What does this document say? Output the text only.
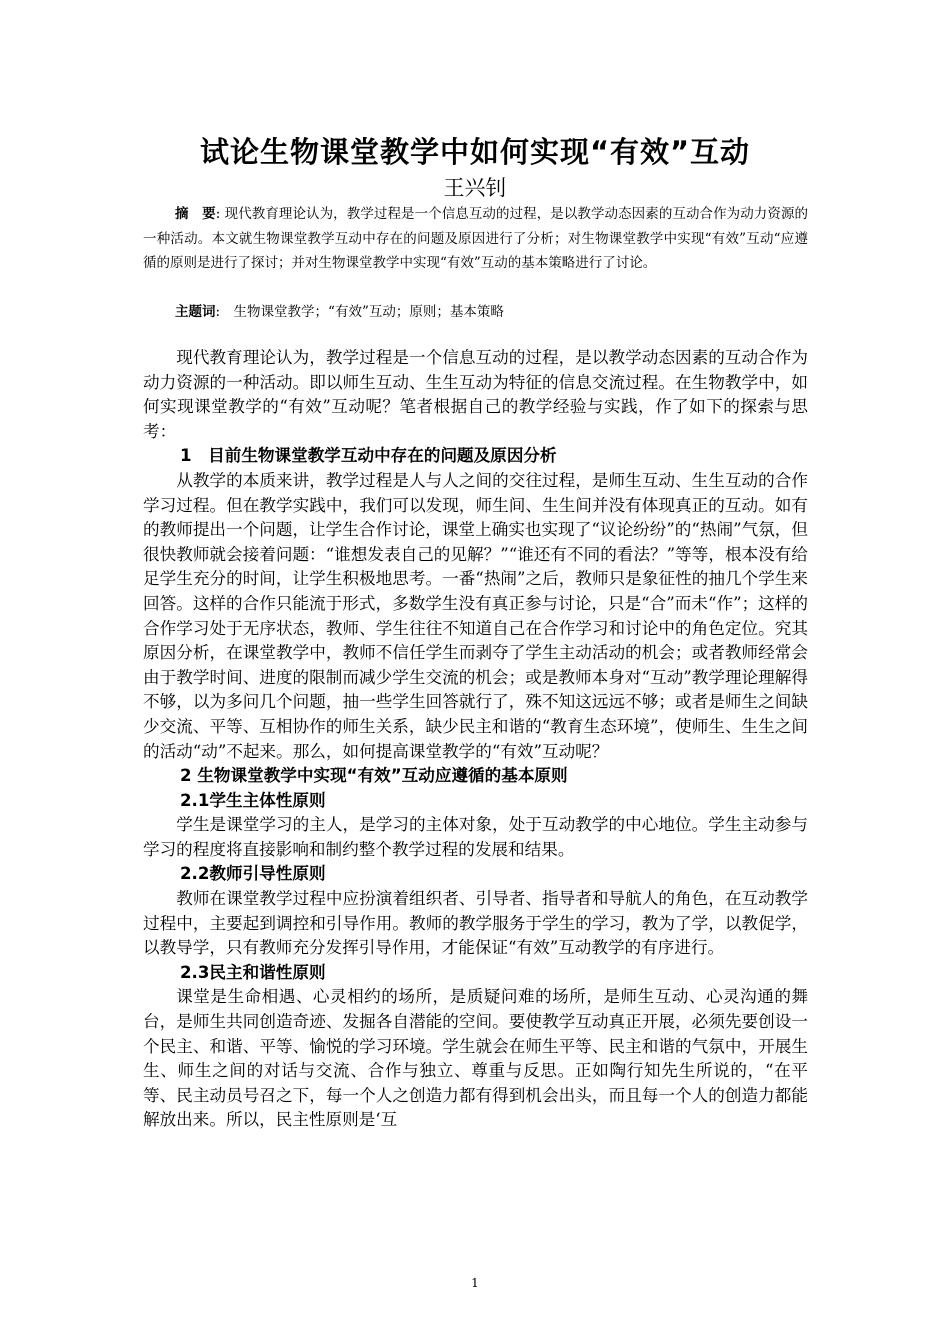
试论生物课堂教学中如何实现“有效”互动
王兴钊
摘　要: 现代教育理论认为，教学过程是一个信息互动的过程，是以教学动态因素的互动合作为动力资源的一种活动。本文就生物课堂教学互动中存在的问题及原因进行了分析；对生物课堂教学中实现“有效”互动“应遵循的原则是进行了探讨；并对生物课堂教学中实现“有效”互动的基本策略进行了讨论。
主题词:　生物课堂教学；“有效”互动；原则；基本策略

现代教育理论认为，教学过程是一个信息互动的过程，是以教学动态因素的互动合作为动力资源的一种活动。即以师生互动、生生互动为特征的信息交流过程。在生物教学中，如何实现课堂教学的“有效”互动呢？笔者根据自己的教学经验与实践，作了如下的探索与思考：

1　目前生物课堂教学互动中存在的问题及原因分析

从教学的本质来讲，教学过程是人与人之间的交往过程，是师生互动、生生互动的合作学习过程。但在教学实践中，我们可以发现，师生间、生生间并没有体现真正的互动。如有的教师提出一个问题，让学生合作讨论，课堂上确实也实现了“议论纷纷”的“热闹”气氛，但很快教师就会接着问题：“谁想发表自己的见解？”“谁还有不同的看法？”等等，根本没有给足学生充分的时间，让学生积极地思考。一番“热闹”之后，教师只是象征性的抽几个学生来回答。这样的合作只能流于形式，多数学生没有真正参与讨论，只是“合”而未“作”；这样的合作学习处于无序状态，教师、学生往往不知道自己在合作学习和讨论中的角色定位。究其原因分析，在课堂教学中，教师不信任学生而剥夺了学生主动活动的机会；或者教师经常会由于教学时间、进度的限制而减少学生交流的机会；或是教师本身对“互动”教学理论理解得不够，以为多问几个问题，抽一些学生回答就行了，殊不知这远远不够；或者是师生之间缺少交流、平等、互相协作的师生关系，缺少民主和谐的“教育生态环境”，使师生、生生之间的活动“动”不起来。那么，如何提高课堂教学的“有效”互动呢？

2 生物课堂教学中实现“有效”互动应遵循的基本原则
2.1学生主体性原则

学生是课堂学习的主人，是学习的主体对象，处于互动教学的中心地位。学生主动参与学习的程度将直接影响和制约整个教学过程的发展和结果。

2.2教师引导性原则

教师在课堂教学过程中应扮演着组织者、引导者、指导者和导航人的角色，在互动教学过程中，主要起到调控和引导作用。教师的教学服务于学生的学习，教为了学，以教促学，以教导学，只有教师充分发挥引导作用，才能保证“有效”互动教学的有序进行。

2.3民主和谐性原则

课堂是生命相遇、心灵相约的场所，是质疑问难的场所，是师生互动、心灵沟通的舞台，是师生共同创造奇迹、发掘各自潜能的空间。要使教学互动真正开展，必须先要创设一个民主、和谐、平等、愉悦的学习环境。学生就会在师生平等、民主和谐的气氛中，开展生生、师生之间的对话与交流、合作与独立、尊重与反思。正如陶行知先生所说的，“在平等、民主动员号召之下，每一个人之创造力都有得到机会出头，而且每一个人的创造力都能解放出来。所以，民主性原则是‘互

1
